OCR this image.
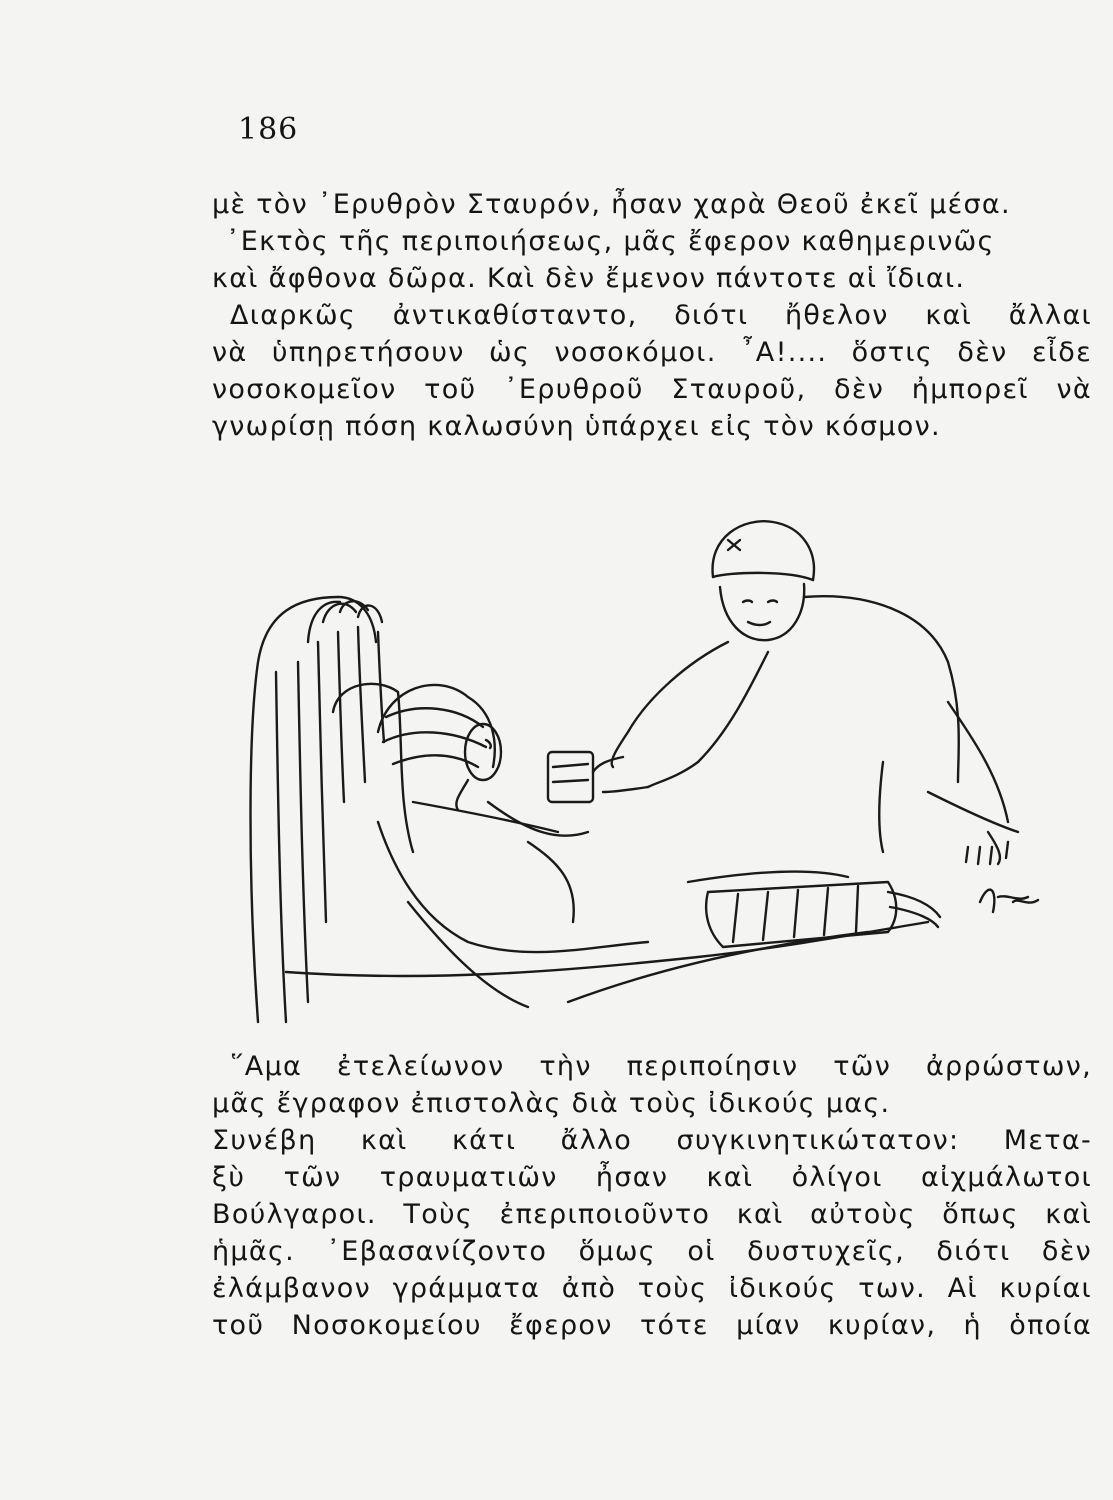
186
μὲ τὸν ᾿Ερυθρὸν Σταυρόν, ἦσαν χαρὰ Θεοῦ ἐκεῖ μέσα.
᾿Εκτὸς τῆς περιποιήσεως, μᾶς ἔφερον καθημερινῶς
καὶ ἄφθονα δῶρα. Καὶ δὲν ἔμενον πάντοτε αἱ ἴδιαι.
Διαρκῶς ἀντικαθίσταντο, διότι ἤθελον καὶ ἄλλαι
νὰ ὑπηρετήσουν ὡς νοσοκόμοι. ῏Α!.... ὅστις δὲν εἶδε
νοσοκομεῖον τοῦ ᾿Ερυθροῦ Σταυροῦ, δὲν ἠμπορεῖ νὰ
γνωρίσῃ πόση καλωσύνη ὑπάρχει εἰς τὸν κόσμον.
῞Αμα ἐτελείωνον τὴν περιποίησιν τῶν ἀρρώστων,
μᾶς ἔγραφον ἐπιστολὰς διὰ τοὺς ἰδικούς μας.
Συνέβη καὶ κάτι ἄλλο συγκινητικώτατον: Μετα-
ξὺ τῶν τραυματιῶν ἦσαν καὶ ὀλίγοι αἰχμάλωτοι
Βούλγαροι. Τοὺς ἐπεριποιοῦντο καὶ αὐτοὺς ὅπως καὶ
ἡμᾶς. ᾿Εβασανίζοντο ὅμως οἱ δυστυχεῖς, διότι δὲν
ἐλάμβανον γράμματα ἀπὸ τοὺς ἰδικούς των. Αἱ κυρίαι
τοῦ Νοσοκομείου ἔφερον τότε μίαν κυρίαν, ἡ ὁποία
